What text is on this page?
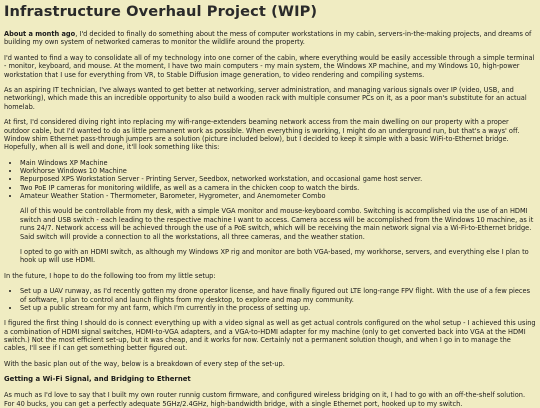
Infrastructure Overhaul Project (WIP)

About a month ago, I'd decided to finally do something about the mess of computer workstations in my cabin, servers-in-the-making projects, and dreams of building my own system of networked cameras to monitor the wildlife around the property.

I'd wanted to find a way to consolidate all of my technology into one corner of the cabin, where everything would be easily accessible through a simple terminal - monitor, keyboard, and mouse. At the moment, I have two main computers - my main system, the Windows XP machine, and my Windows 10, high-power workstation that I use for everything from VR, to Stable Diffusion image generation, to video rendering and compiling systems.

As an aspiring IT technician, I've always wanted to get better at networking, server administration, and managing various signals over IP (video, USB, and networking), which made this an incredible opportunity to also build a wooden rack with multiple consumer PCs on it, as a poor man's substitute for an actual homelab.

At first, I'd considered diving right into replacing my wifi-range-extenders beaming network access from the main dwelling on our property with a proper outdoor cable, but I'd wanted to do as little permanent work as possible. When everything is working, I might do an underground run, but that's a ways' off. Window shim Ethernet pass-through jumpers are a solution (picture included below), but I decided to keep it simple with a basic WiFi-to-Ethernet bridge. Hopefully, when all is well and done, it'll look something like this:

• Main Windows XP Machine
• Workhorse Windows 10 Machine
• Repurposed XPS Workstation Server - Printing Server, Seedbox, networked workstation, and occasional game host server.
• Two PoE IP cameras for monitoring wildlife, as well as a camera in the chicken coop to watch the birds.
• Amateur Weather Station - Thermometer, Barometer, Hygrometer, and Anemometer Combo

All of this would be controllable from my desk, with a simple VGA monitor and mouse-keyboard combo. Switching is accomplished via the use of an HDMI switch and USB switch - each leading to the respective machine I want to access. Camera access will be accomplished from the Windows 10 machine, as it runs 24/7. Network access will be achieved through the use of a PoE switch, which will be receiving the main network signal via a Wi-Fi-to-Ethernet bridge. Said switch will provide a connection to all the workstations, all three cameras, and the weather station.

I opted to go with an HDMI switch, as although my Windows XP rig and monitor are both VGA-based, my workhorse, servers, and everything else I plan to hook up will use HDMI.

In the future, I hope to do the following too from my little setup:

• Set up a UAV runway, as I'd recently gotten my drone operator license, and have finally figured out LTE long-range FPV flight. With the use of a few pieces of software, I plan to control and launch flights from my desktop, to explore and map my community.
• Set up a public stream for my ant farm, which I'm currently in the process of setting up.

I figured the first thing I should do is connect everything up with a video signal as well as get actual controls configured on the whol setup - I achieved this using a combination of HDMI signal switches, HDMI-to-VGA adapters, and a VGA-to-HDMI adapter for my machine (only to get converted back into VGA at the HDMI switch.) Not the most efficient set-up, but it was cheap, and it works for now. Certainly not a permanent solution though, and when I go in to manage the cables, I'll see if I can get something better figured out.

With the basic plan out of the way, below is a breakdown of every step of the set-up.

Getting a Wi-Fi Signal, and Bridging to Ethernet

As much as I'd love to say that I built my own router runnig custom firmware, and configured wireless bridging on it, I had to go with an off-the-shelf solution. For 40 bucks, you can get a perfectly adequate 5GHz/2.4GHz, high-bandwidth bridge, with a single Ethernet port, hooked up to my switch.
